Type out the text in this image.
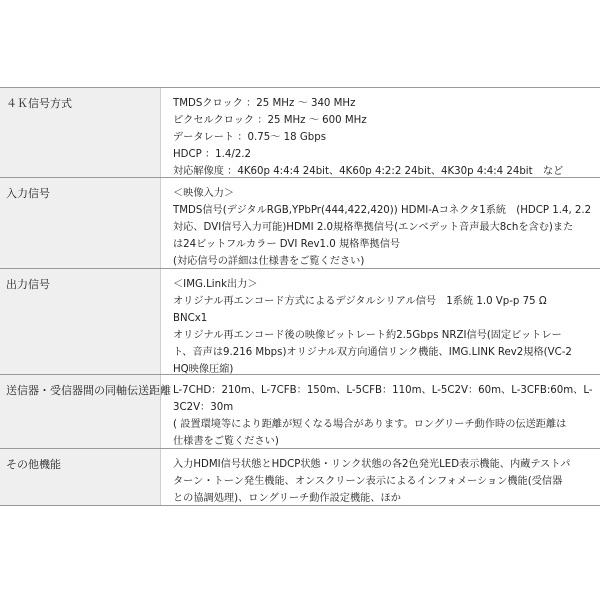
４Ｋ信号方式	TMDSクロック ：25 MHz ～ 340 MHz
ピクセルクロック ：25 MHz ～ 600 MHz
データレート ：0.75～ 18 Gbps
HDCP ：1.4/2.2
対応解像度 ：4K60p 4:4:4 24bit、4K60p 4:2:2 24bit、4K30p 4:4:4 24bit　など
入力信号	＜映像入力＞
TMDS信号(デジタルRGB,YPbPr(444,422,420)) HDMI-Aコネクタ1系統　(HDCP 1.4, 2.2
対応、DVI信号入力可能)HDMI 2.0規格準拠信号(エンベデット音声最大8chを含む)また
は24ビットフルカラー DVI Rev1.0 規格準拠信号
(対応信号の詳細は仕様書をご覧ください)
出力信号	＜IMG.Link出力＞
オリジナル再エンコード方式によるデジタルシリアル信号　1系統 1.0 Vp-p 75 Ω
BNCx1
オリジナル再エンコード後の映像ビットレート約2.5Gbps NRZI信号(固定ビットレー
ト、音声は9.216 Mbps)オリジナル双方向通信リンク機能、IMG.LINK Rev2規格(VC-2
HQ映像圧縮)
送信器・受信器間の同軸伝送距離 L-7CHD：210m、L-7CFB：150m、L-5CFB：110m、L-5C2V：60m、L-3CFB:60m、L-
3C2V：30m
( 設置環境等により距離が短くなる場合があります。ロングリーチ動作時の伝送距離は
仕様書をご覧ください)
その他機能	入力HDMI信号状態とHDCP状態・リンク状態の各2色発光LED表示機能、内蔵テストパ
ターン・トーン発生機能、オンスクリーン表示によるインフォメーション機能(受信器
との協調処理)、ロングリーチ動作設定機能、ほか
